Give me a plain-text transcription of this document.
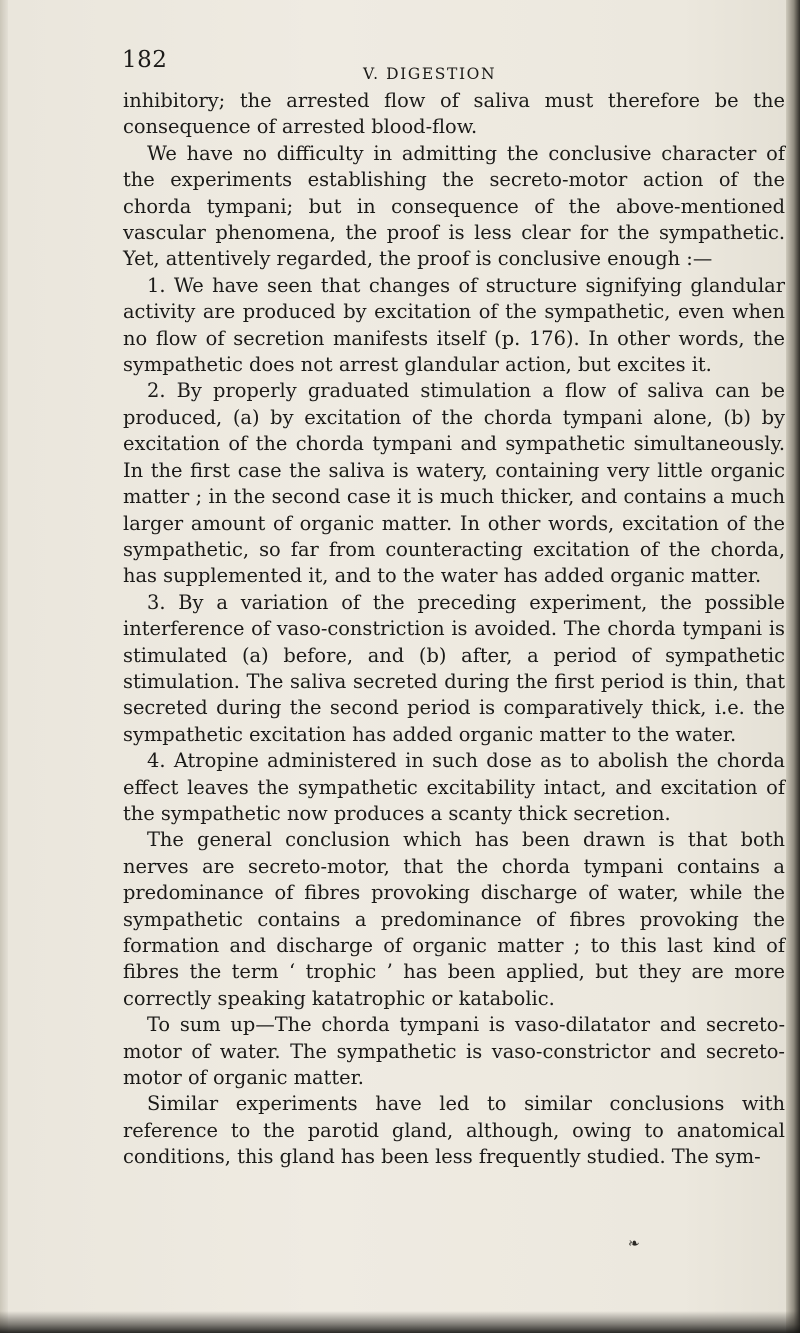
182
V. DIGESTION

inhibitory; the arrested flow of saliva must therefore be the consequence of arrested blood-flow.

We have no difficulty in admitting the conclusive character of the experiments establishing the secreto-motor action of the chorda tympani; but in consequence of the above-mentioned vascular phenomena, the proof is less clear for the sympathetic. Yet, attentively regarded, the proof is conclusive enough :—

1. We have seen that changes of structure signifying glandular activity are produced by excitation of the sympathetic, even when no flow of secretion manifests itself (p. 176). In other words, the sympathetic does not arrest glandular action, but excites it.

2. By properly graduated stimulation a flow of saliva can be produced, (a) by excitation of the chorda tympani alone, (b) by excitation of the chorda tympani and sympathetic simultaneously. In the first case the saliva is watery, containing very little organic matter ; in the second case it is much thicker, and contains a much larger amount of organic matter. In other words, excitation of the sympathetic, so far from counteracting excitation of the chorda, has supplemented it, and to the water has added organic matter.

3. By a variation of the preceding experiment, the possible interference of vaso-constriction is avoided. The chorda tympani is stimulated (a) before, and (b) after, a period of sympathetic stimulation. The saliva secreted during the first period is thin, that secreted during the second period is comparatively thick, i.e. the sympathetic excitation has added organic matter to the water.

4. Atropine administered in such dose as to abolish the chorda effect leaves the sympathetic excitability intact, and excitation of the sympathetic now produces a scanty thick secretion.

The general conclusion which has been drawn is that both nerves are secreto-motor, that the chorda tympani contains a predominance of fibres provoking discharge of water, while the sympathetic contains a predominance of fibres provoking the formation and discharge of organic matter ; to this last kind of fibres the term ‘ trophic ’ has been applied, but they are more correctly speaking katatrophic or katabolic.

To sum up—The chorda tympani is vaso-dilatator and secreto-motor of water. The sympathetic is vaso-constrictor and secreto-motor of organic matter.

Similar experiments have led to similar conclusions with reference to the parotid gland, although, owing to anatomical conditions, this gland has been less frequently studied. The sym-

❧
